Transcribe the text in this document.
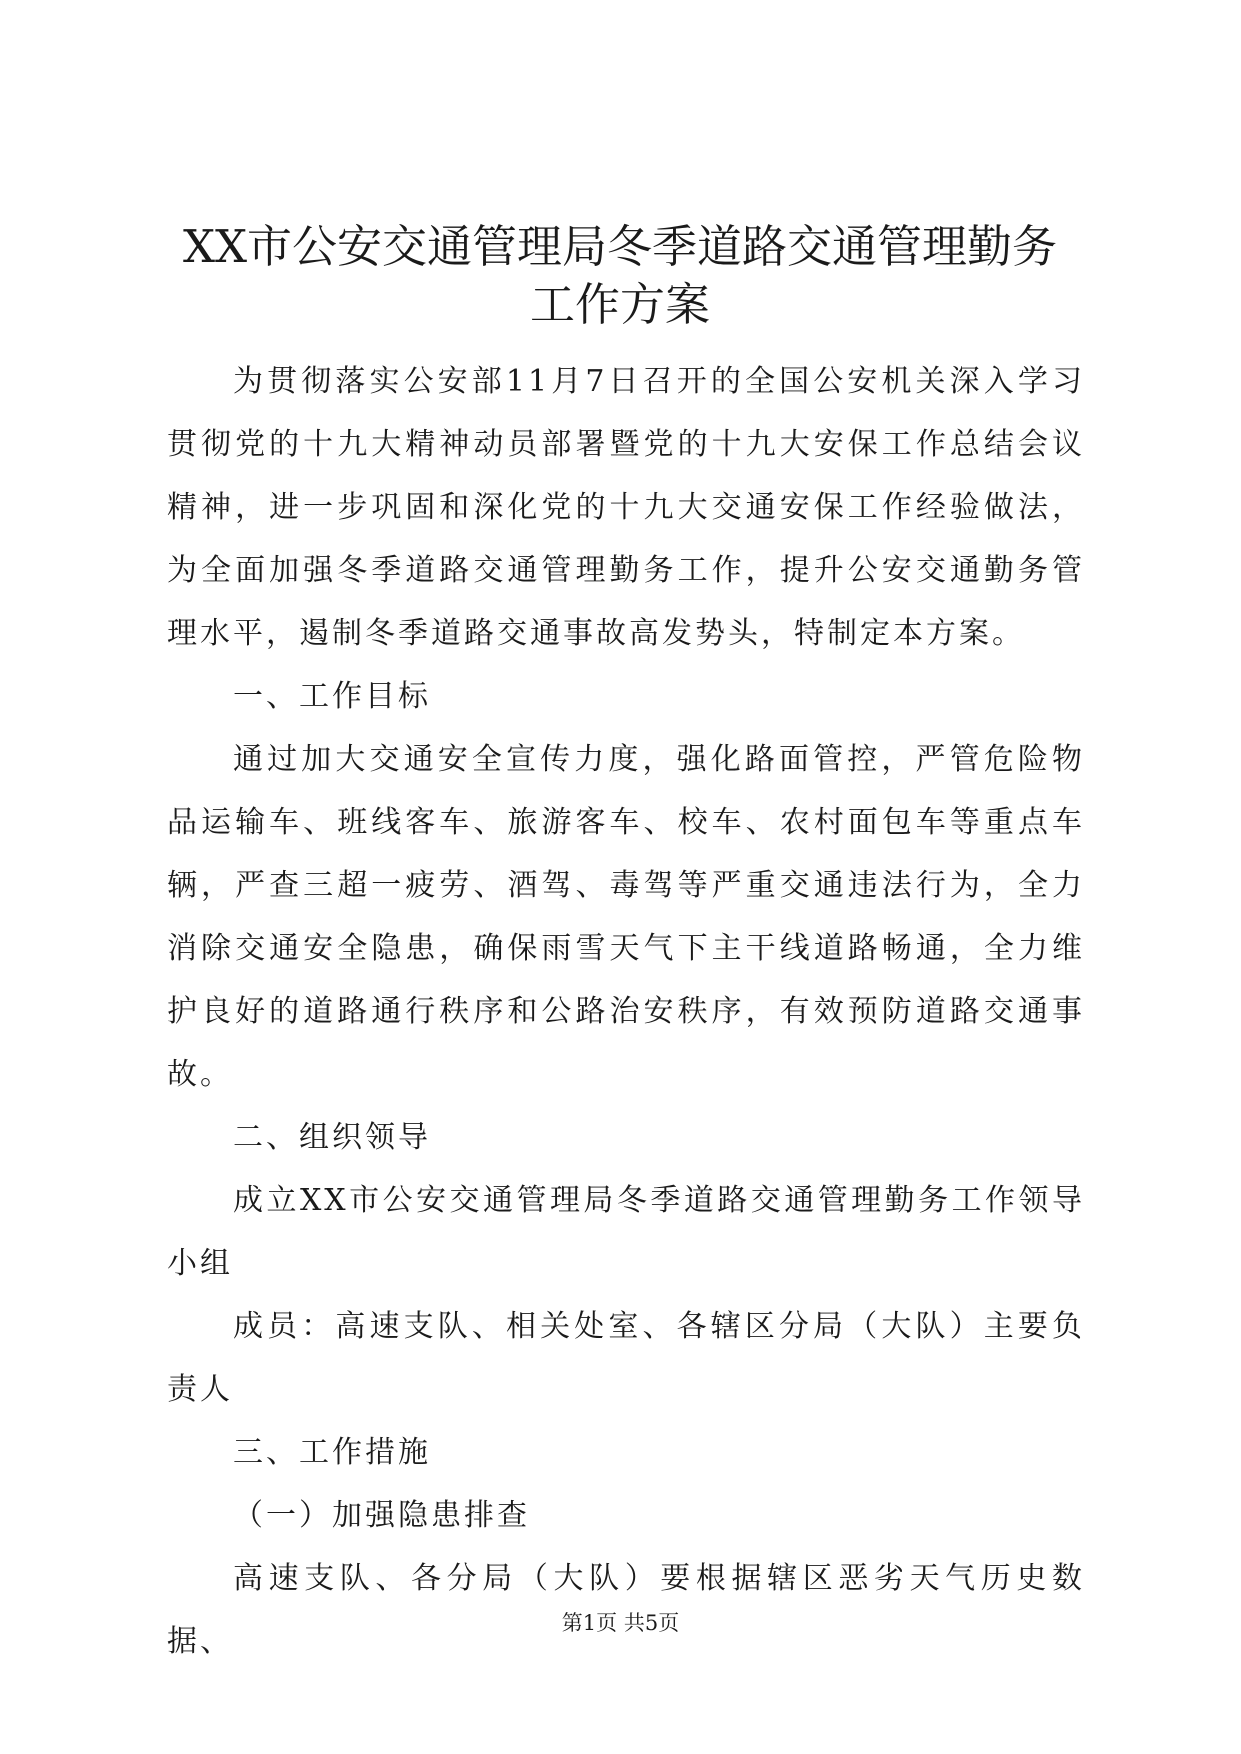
XX市公安交通管理局冬季道路交通管理勤务
工作方案

为贯彻落实公安部11月7日召开的全国公安机关深入学习贯彻党的十九大精神动员部署暨党的十九大安保工作总结会议精神，进一步巩固和深化党的十九大交通安保工作经验做法，为全面加强冬季道路交通管理勤务工作，提升公安交通勤务管理水平，遏制冬季道路交通事故高发势头，特制定本方案。

一、工作目标

通过加大交通安全宣传力度，强化路面管控，严管危险物品运输车、班线客车、旅游客车、校车、农村面包车等重点车辆，严查三超一疲劳、酒驾、毒驾等严重交通违法行为，全力消除交通安全隐患，确保雨雪天气下主干线道路畅通，全力维护良好的道路通行秩序和公路治安秩序，有效预防道路交通事故。

二、组织领导

成立XX市公安交通管理局冬季道路交通管理勤务工作领导小组

成员：高速支队、相关处室、各辖区分局（大队）主要负责人

三、工作措施

（一）加强隐患排查

高速支队、各分局（大队）要根据辖区恶劣天气历史数据、

第1页 共5页
